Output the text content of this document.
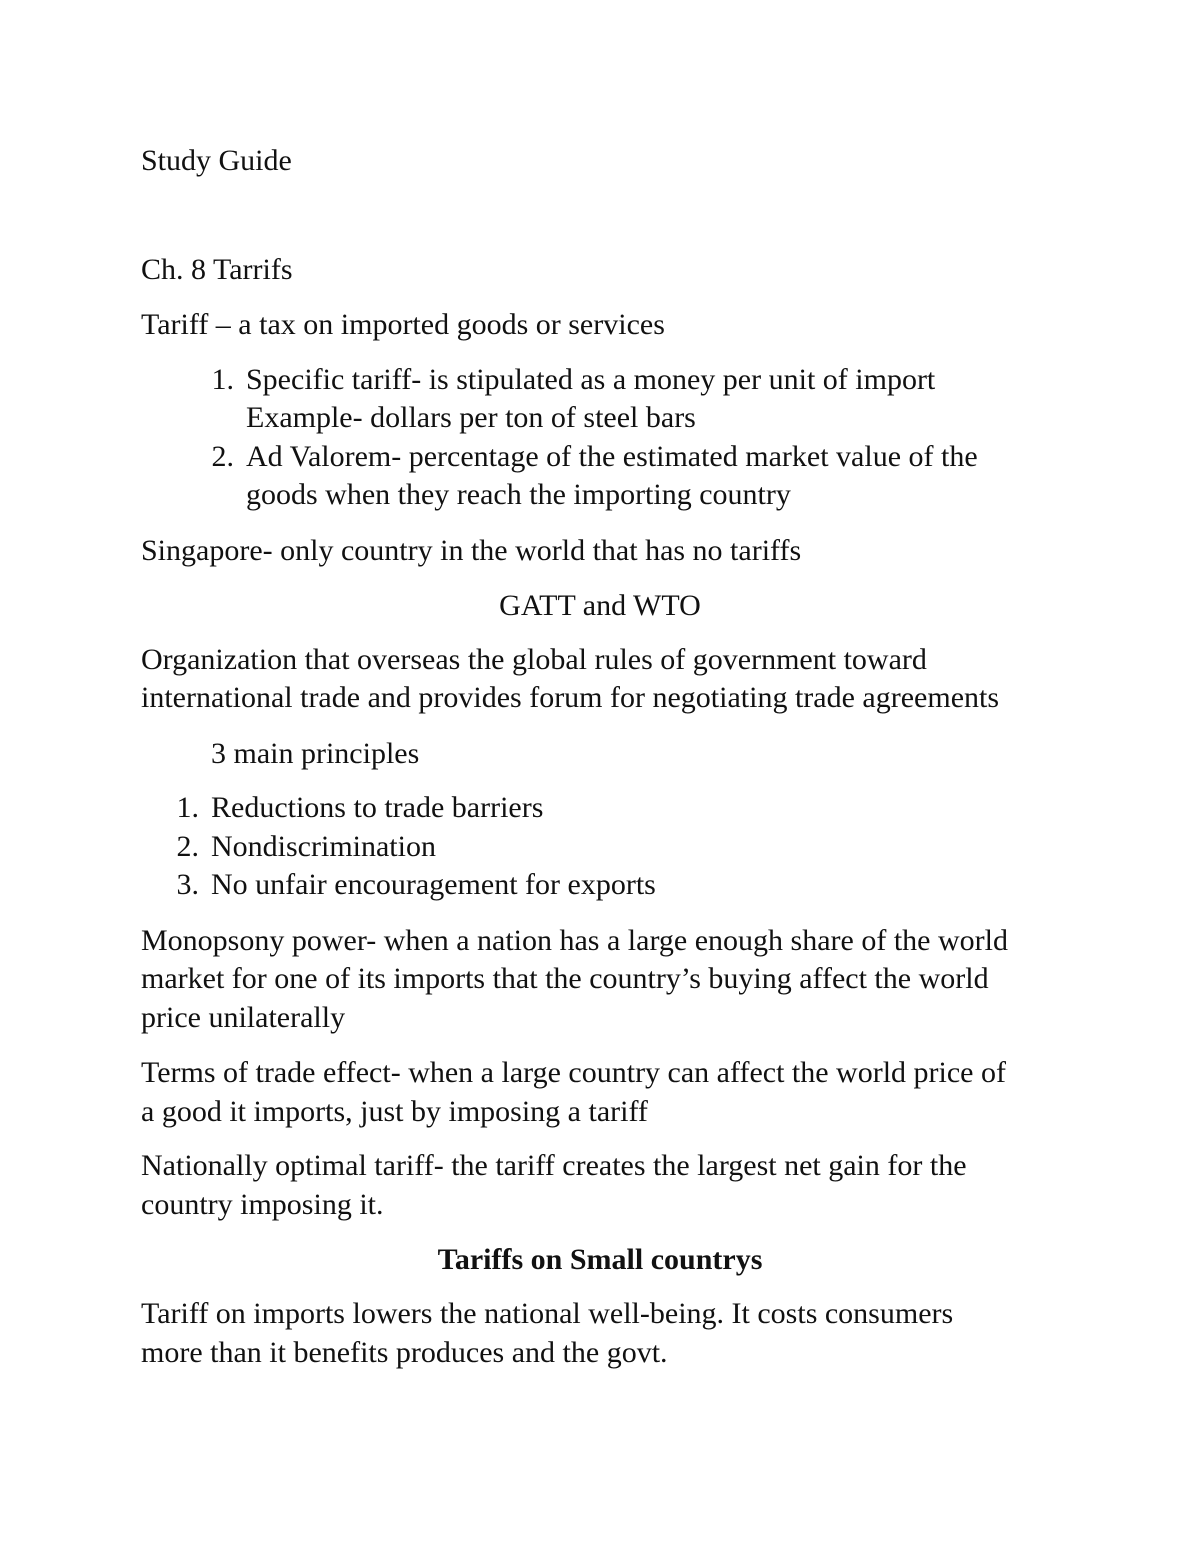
Study Guide

Ch. 8 Tarrifs

Tariff – a tax on imported goods or services

1. Specific tariff- is stipulated as a money per unit of import

Example- dollars per ton of steel bars

2. Ad Valorem- percentage of the estimated market value of the

goods when they reach the importing country

Singapore- only country in the world that has no tariffs

GATT and WTO

Organization that overseas the global rules of government toward

international trade and provides forum for negotiating trade agreements

3 main principles

1. Reductions to trade barriers

2. Nondiscrimination

3. No unfair encouragement for exports

Monopsony power- when a nation has a large enough share of the world

market for one of its imports that the country’s buying affect the world

price unilaterally

Terms of trade effect- when a large country can affect the world price of

a good it imports, just by imposing a tariff

Nationally optimal tariff- the tariff creates the largest net gain for the

country imposing it.

Tariffs on Small countrys

Tariff on imports lowers the national well-being. It costs consumers

more than it benefits produces and the govt.
